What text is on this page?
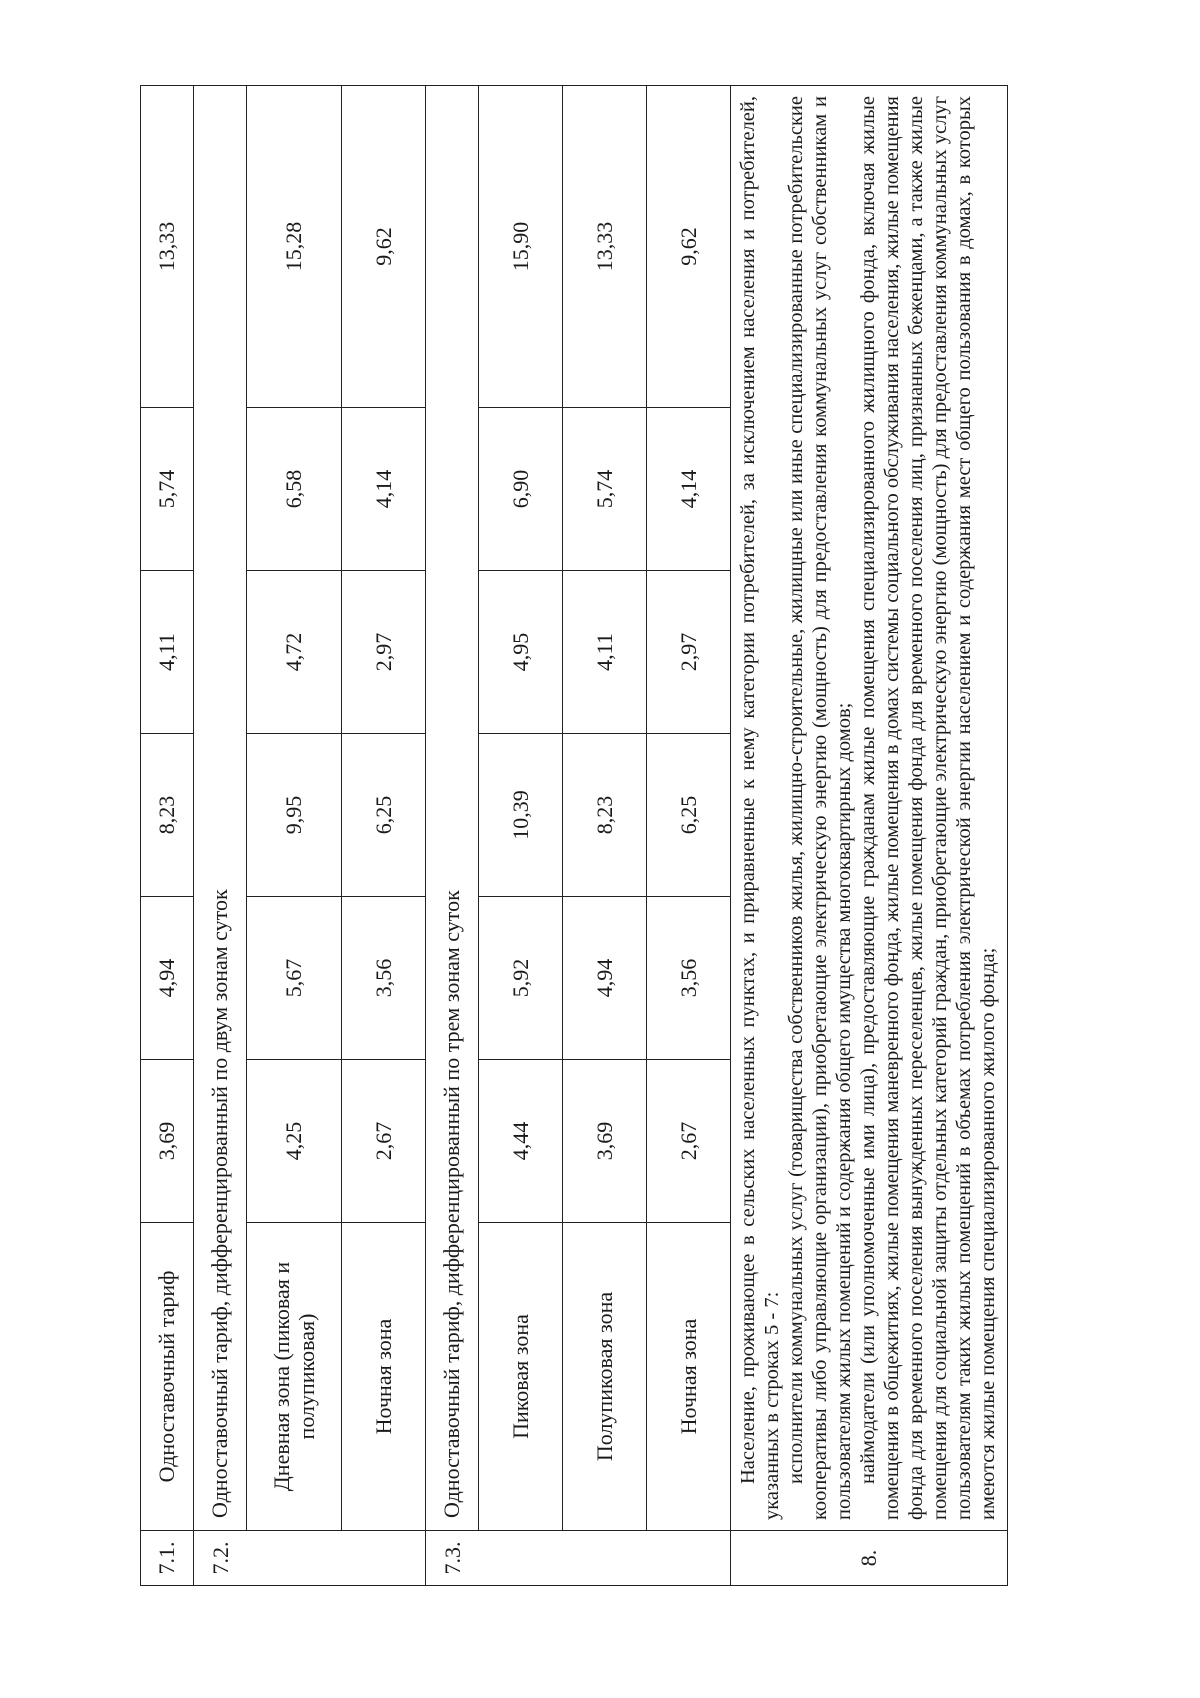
7.1.	Одноставочный тариф	3,69	4,94	8,23	4,11	5,74	13,33
7.2.	Одноставочный тариф, дифференцированный по двум зонам суток						
	Дневная зона (пиковая и полупиковая)	4,25	5,67	9,95	4,72	6,58	15,28
	Ночная зона	2,67	3,56	6,25	2,97	4,14	9,62
7.3.	Одноставочный тариф, дифференцированный по трем зонам суток						
	Пиковая зона	4,44	5,92	10,39	4,95	6,90	15,90
	Полупиковая зона	3,69	4,94	8,23	4,11	5,74	13,33
	Ночная зона	2,67	3,56	6,25	2,97	4,14	9,62
8.	Население, проживающее в сельских населенных пунктах, и приравненные к нему категории потребителей, за исключением населения и потребителей, указанных в строках 5 - 7: исполнители коммунальных услуг (товарищества собственников жилья, жилищно-строительные, жилищные или иные специализированные потребительские кооперативы либо управляющие организации), приобретающие электрическую энергию (мощность) для предоставления коммунальных услуг собственникам и пользователям жилых помещений и содержания общего имущества многоквартирных домов; наймодатели (или уполномоченные ими лица), предоставляющие гражданам жилые помещения специализированного жилищного фонда, включая жилые помещения в общежитиях, жилые помещения маневренного фонда, жилые помещения в домах системы социального обслуживания населения, жилые помещения фонда для временного поселения вынужденных переселенцев, жилые помещения фонда для временного поселения лиц, признанных беженцами, а также жилые помещения для социальной защиты отдельных категорий граждан, приобретающие электрическую энергию (мощность) для предоставления коммунальных услуг пользователям таких жилых помещений в объемах потребления электрической энергии населением и содержания мест общего пользования в домах, в которых имеются жилые помещения специализированного жилого фонда;						
